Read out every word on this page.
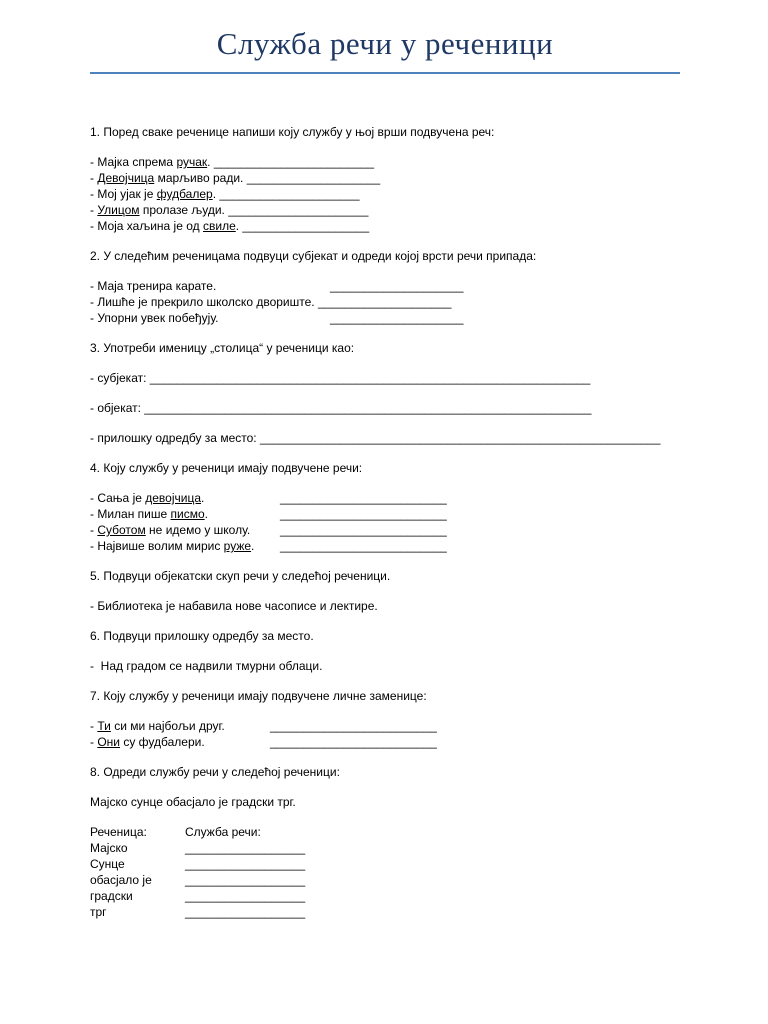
Служба речи у реченици
1. Поред сваке реченице напиши коју службу у њој врши подвучена реч:
- Мајка спрема ручак. ________________________
- Девојчица марљиво ради. ____________________
- Мој ујак је фудбалер. _____________________
- Улицом пролазе људи. _____________________
- Моја хаљина је од свиле. ___________________
2. У следећим реченицама подвуци субјекат и одреди којој врсти речи припада:
- Маја тренира карате.	____________________
- Лишће је прекрило школско двориште. ____________________
- Упорни увек побеђују.	____________________
3. Употреби именицу „столица“ у реченици као:
- субјекат: __________________________________________________________________
- објекат: ___________________________________________________________________
- прилошку одредбу за место: ____________________________________________________________
4. Коју службу у реченици имају подвучене речи:
- Сања је девојчица.	_________________________
- Милан пише писмо.	_________________________
- Суботом не идемо у школу.	_________________________
- Највише волим мирис руже.	_________________________
5. Подвуци објекатски скуп речи у следећој реченици.
- Библиотека је набавила нове часописе и лектире.
6. Подвуци прилошку одредбу за место.
-  Над градом се надвили тмурни облаци.
7. Коју службу у реченици имају подвучене личне заменице:
- Ти си ми најбољи друг.	_________________________
- Они су фудбалери.	_________________________
8. Одреди службу речи у следећој реченици:
Мајско сунце обасјало је градски трг.
Реченица:	Служба речи:
Мајско	__________________
Сунце	__________________
обасјало је	__________________
градски	__________________
трг	__________________
